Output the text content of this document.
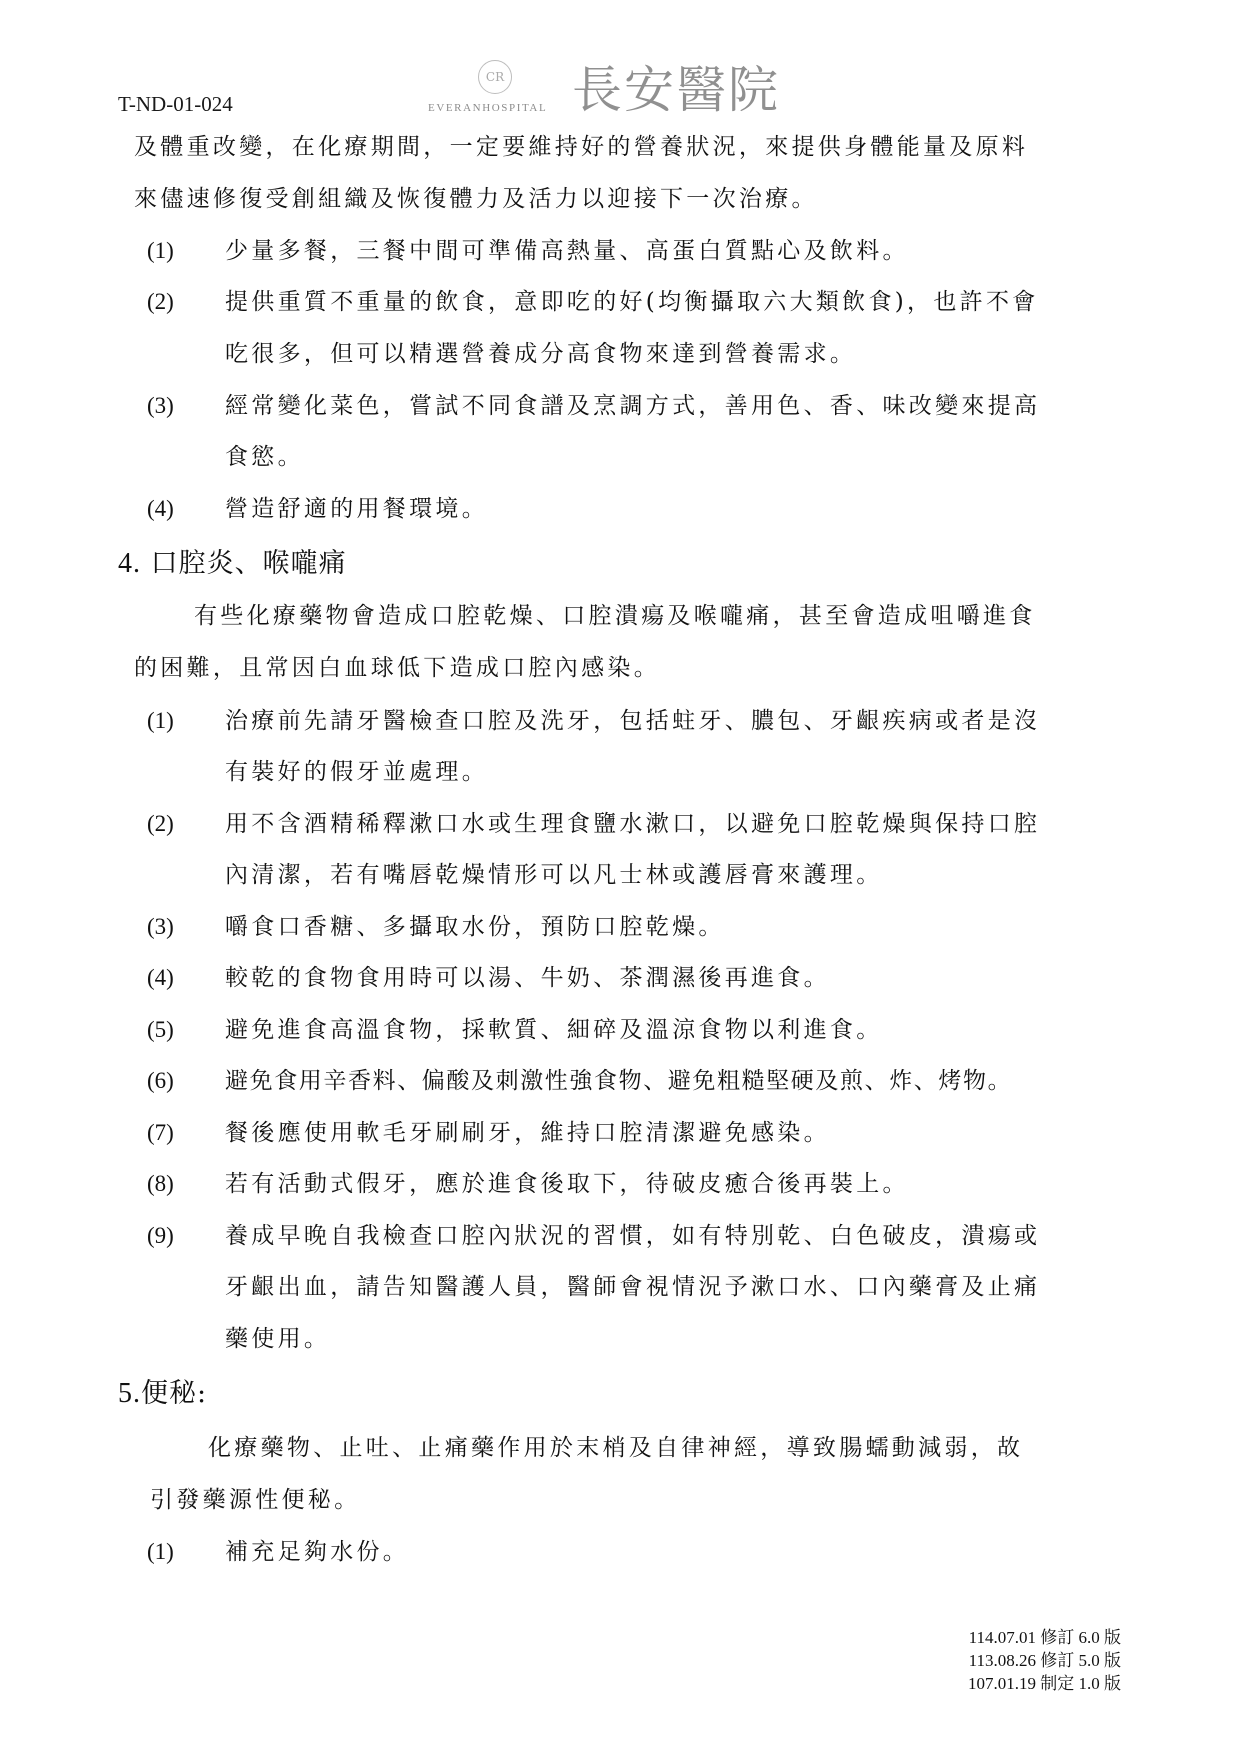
T-ND-01-024
CR
EVERANHOSPITAL 長安醫院
及體重改變，在化療期間，一定要維持好的營養狀況，來提供身體能量及原料
來儘速修復受創組織及恢復體力及活力以迎接下一次治療。
(1) 少量多餐，三餐中間可準備高熱量、高蛋白質點心及飲料。
(2) 提供重質不重量的飲食，意即吃的好(均衡攝取六大類飲食)，也許不會
吃很多，但可以精選營養成分高食物來達到營養需求。
(3) 經常變化菜色，嘗試不同食譜及烹調方式，善用色、香、味改變來提高
食慾。
(4) 營造舒適的用餐環境。
4. 口腔炎、喉嚨痛
有些化療藥物會造成口腔乾燥、口腔潰瘍及喉嚨痛，甚至會造成咀嚼進食
的困難，且常因白血球低下造成口腔內感染。
(1) 治療前先請牙醫檢查口腔及洗牙，包括蛀牙、膿包、牙齦疾病或者是沒
有裝好的假牙並處理。
(2) 用不含酒精稀釋漱口水或生理食鹽水漱口，以避免口腔乾燥與保持口腔
內清潔，若有嘴唇乾燥情形可以凡士林或護唇膏來護理。
(3) 嚼食口香糖、多攝取水份，預防口腔乾燥。
(4) 較乾的食物食用時可以湯、牛奶、茶潤濕後再進食。
(5) 避免進食高溫食物，採軟質、細碎及溫涼食物以利進食。
(6) 避免食用辛香料、偏酸及刺激性強食物、避免粗糙堅硬及煎、炸、烤物。
(7) 餐後應使用軟毛牙刷刷牙，維持口腔清潔避免感染。
(8) 若有活動式假牙，應於進食後取下，待破皮癒合後再裝上。
(9) 養成早晚自我檢查口腔內狀況的習慣，如有特別乾、白色破皮，潰瘍或
牙齦出血，請告知醫護人員，醫師會視情況予漱口水、口內藥膏及止痛
藥使用。
5.便秘:
化療藥物、止吐、止痛藥作用於末梢及自律神經，導致腸蠕動減弱，故
引發藥源性便秘。
(1) 補充足夠水份。
114.07.01 修訂 6.0 版
113.08.26 修訂 5.0 版
107.01.19 制定 1.0 版
